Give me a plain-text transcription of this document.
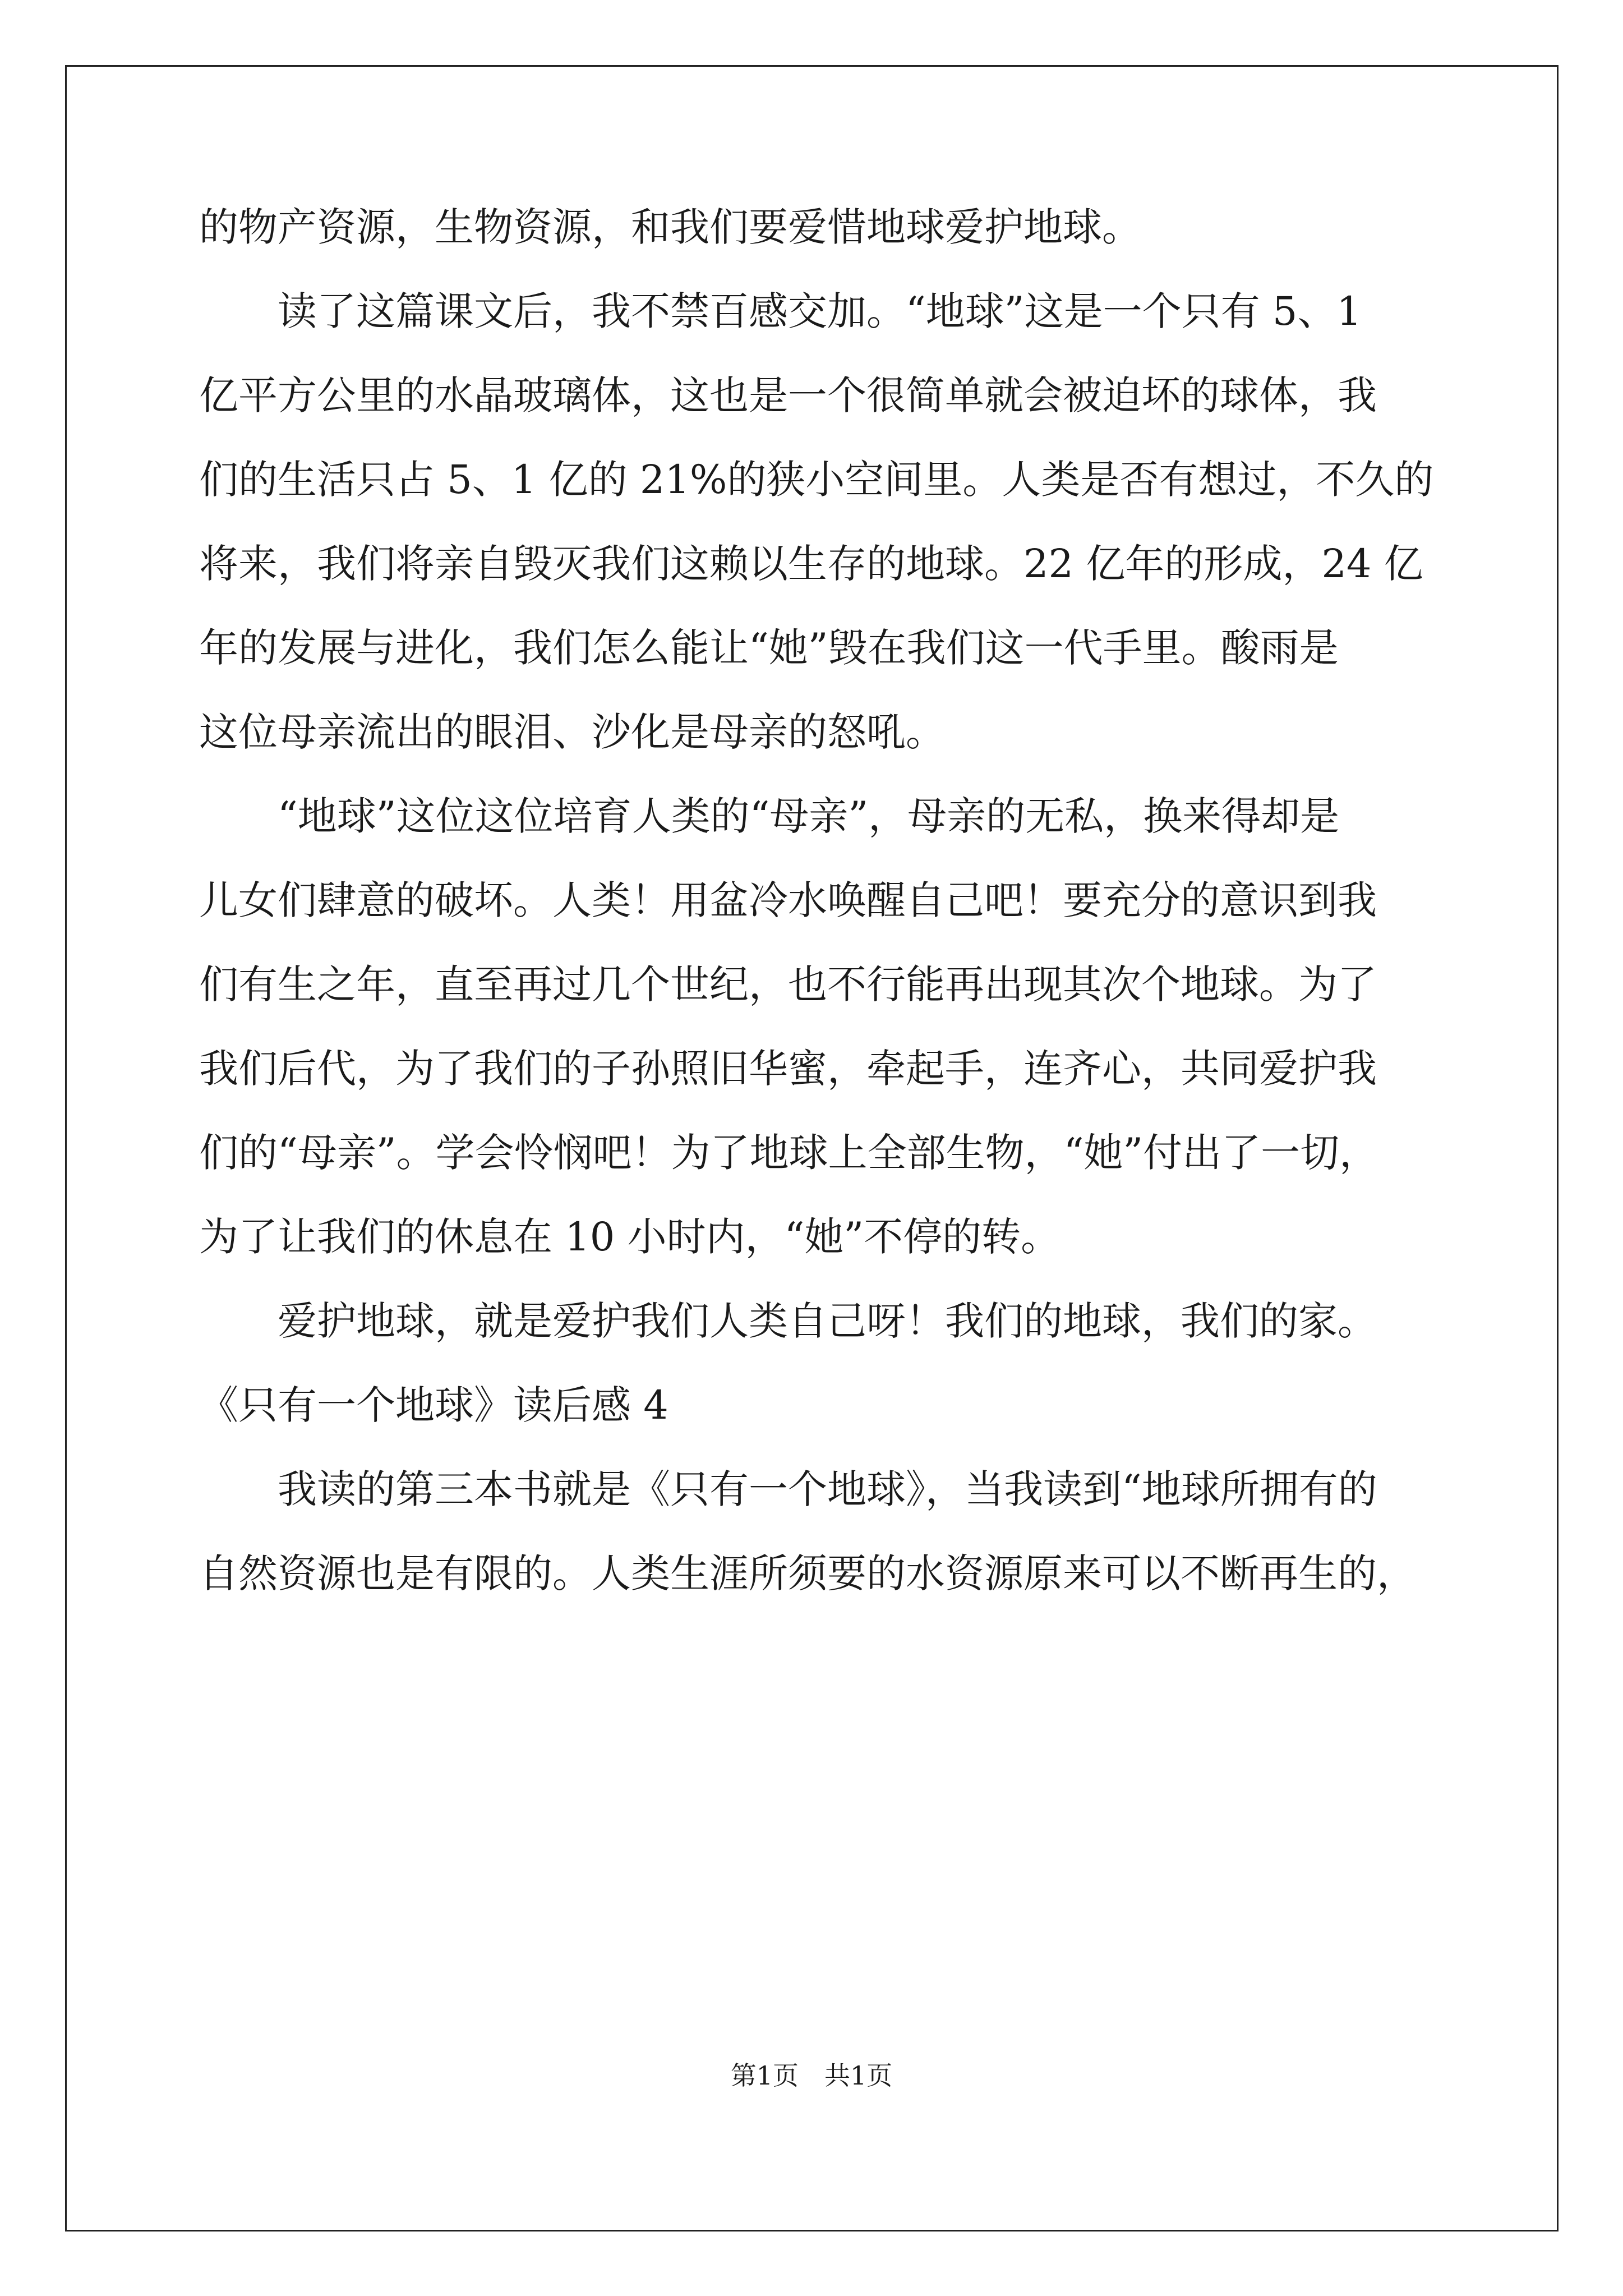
的物产资源，生物资源，和我们要爱惜地球爱护地球。

　　读了这篇课文后，我不禁百感交加。“地球”这是一个只有 5、1

亿平方公里的水晶玻璃体，这也是一个很简单就会被迫坏的球体，我

们的生活只占 5、1 亿的 21%的狭小空间里。人类是否有想过，不久的

将来，我们将亲自毁灭我们这赖以生存的地球。22 亿年的形成，24 亿

年的发展与进化，我们怎么能让“她”毁在我们这一代手里。酸雨是

这位母亲流出的眼泪、沙化是母亲的怒吼。

　　“地球”这位这位培育人类的“母亲”，母亲的无私，换来得却是

儿女们肆意的破坏。人类！用盆冷水唤醒自己吧！要充分的意识到我

们有生之年，直至再过几个世纪，也不行能再出现其次个地球。为了

我们后代，为了我们的子孙照旧华蜜，牵起手，连齐心，共同爱护我

们的“母亲”。学会怜悯吧！为了地球上全部生物，“她”付出了一切，

为了让我们的休息在 10 小时内，“她”不停的转。

　　爱护地球，就是爱护我们人类自己呀！我们的地球，我们的家。

《只有一个地球》读后感 4

　　我读的第三本书就是《只有一个地球》，当我读到“地球所拥有的

自然资源也是有限的。人类生涯所须要的水资源原来可以不断再生的，

第1页　共1页
